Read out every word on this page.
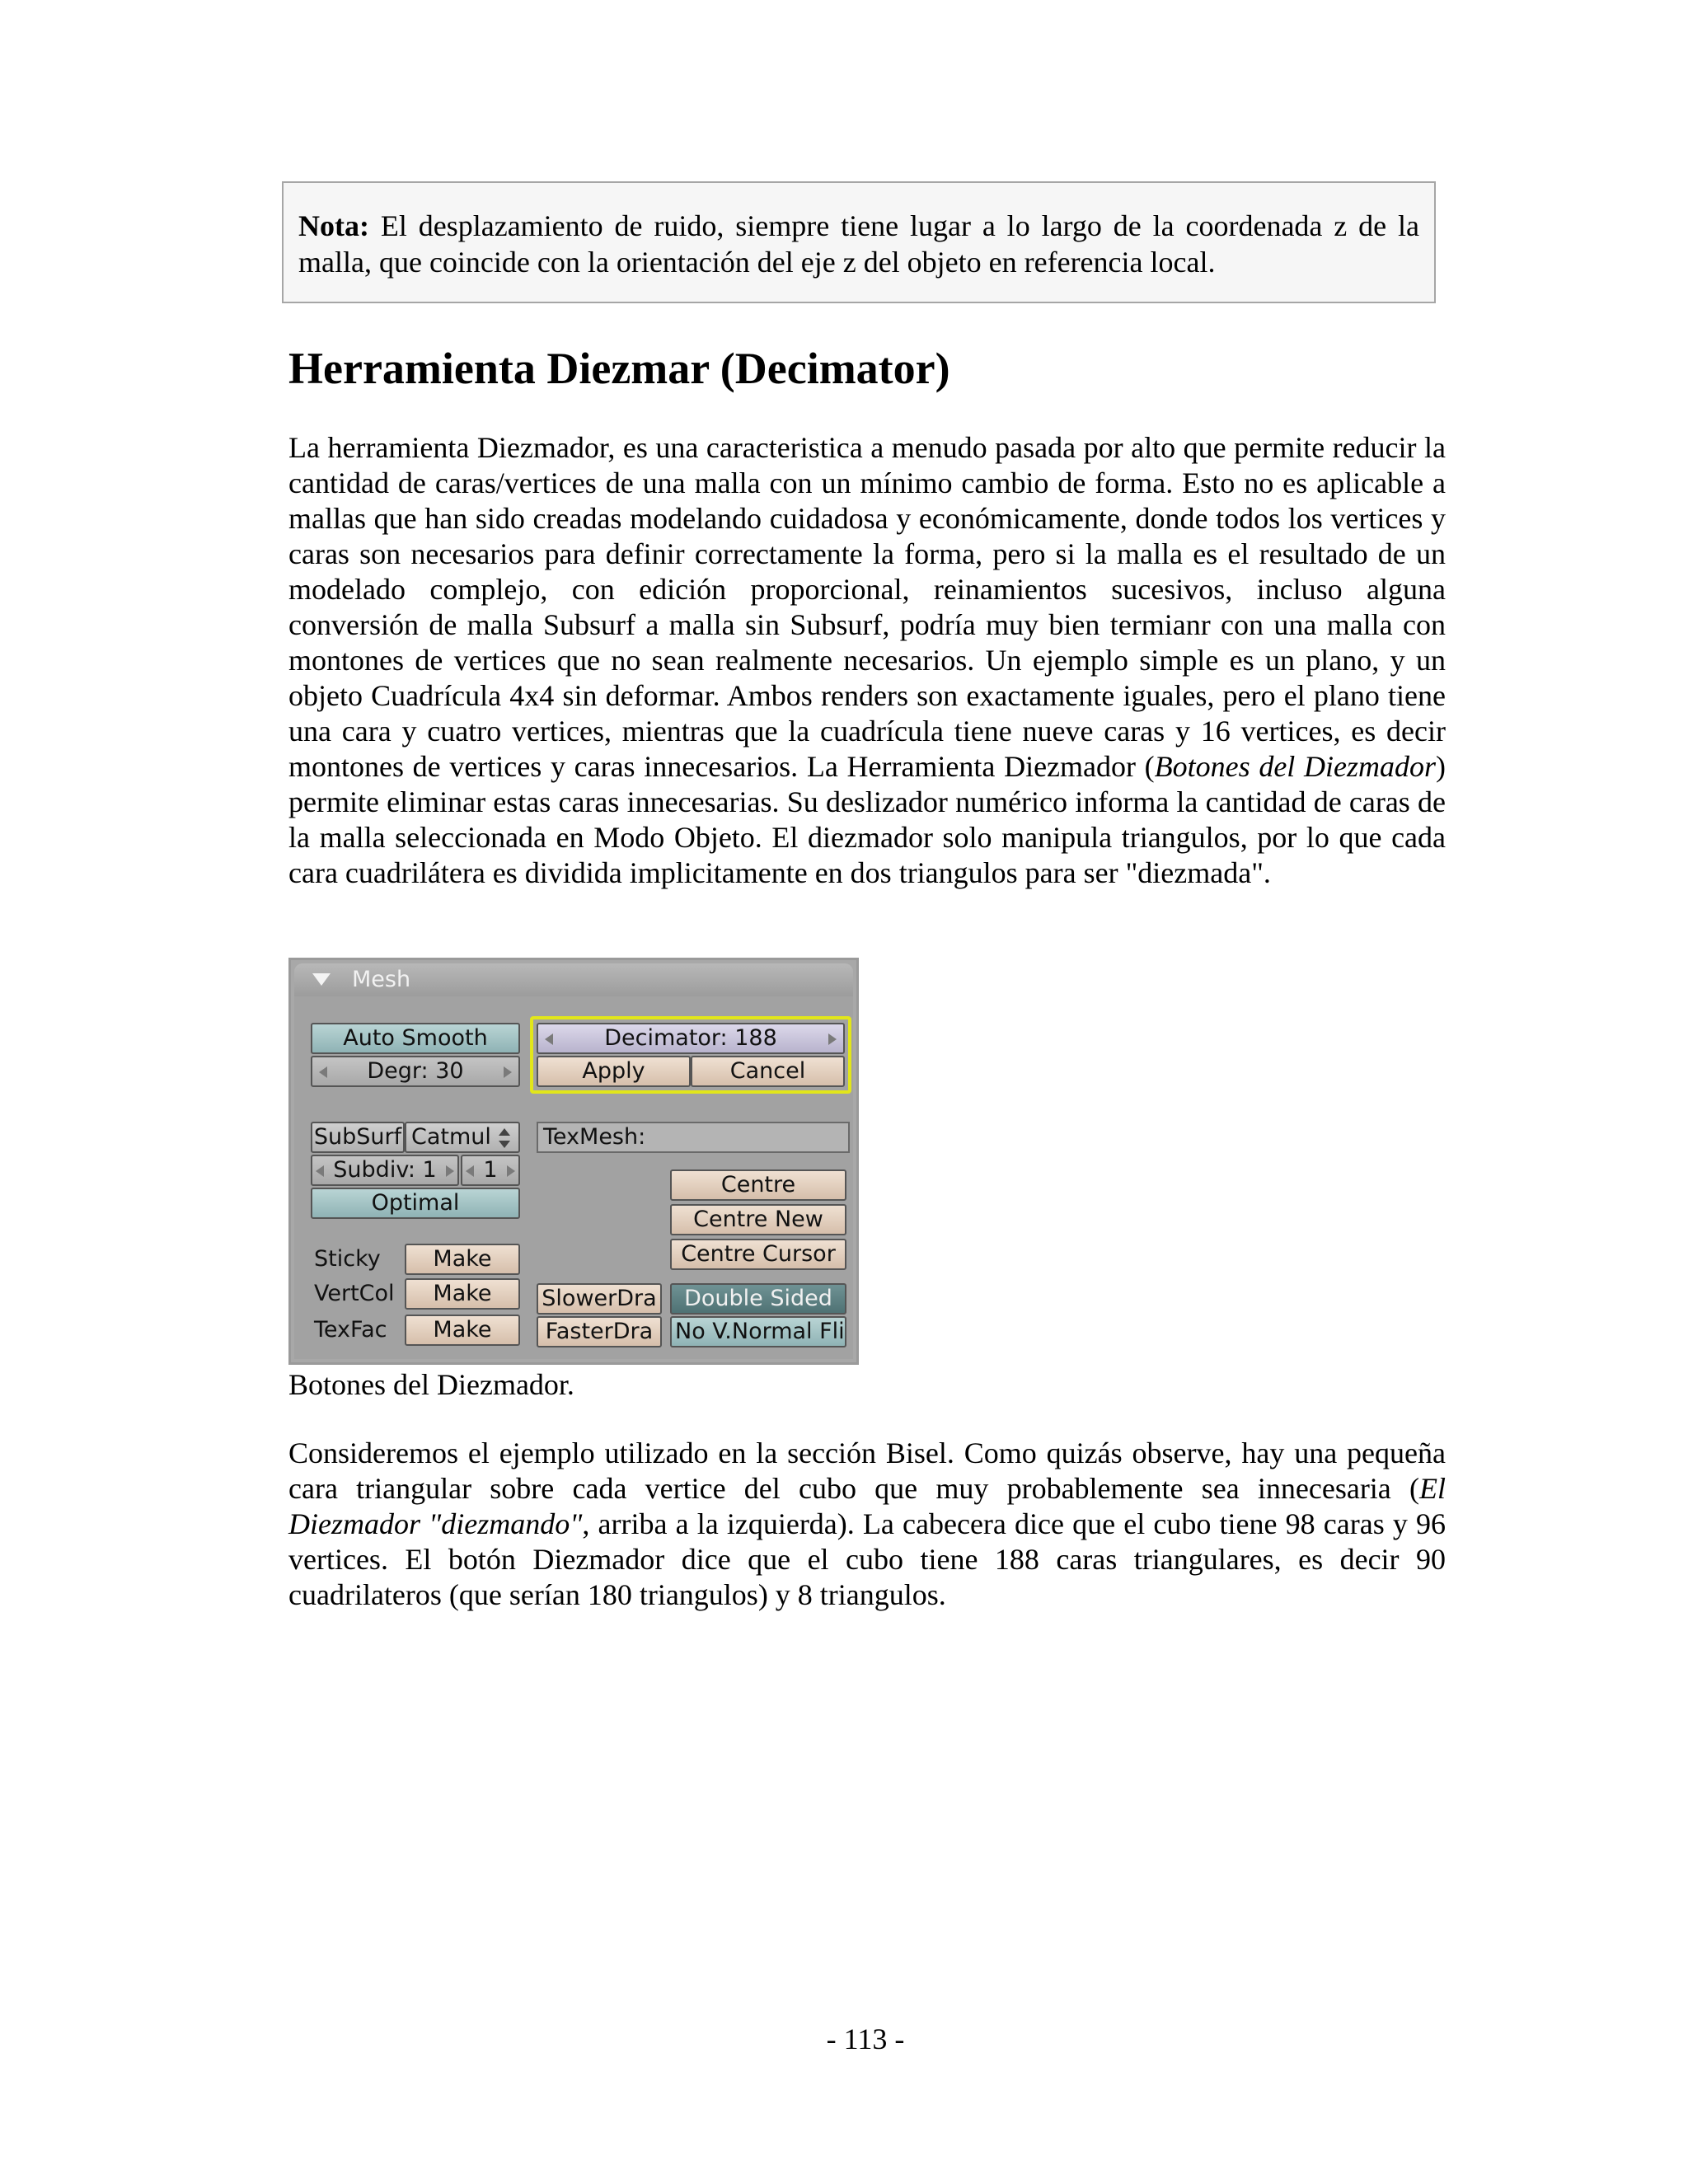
Nota: El desplazamiento de ruido, siempre tiene lugar a lo largo de la coordenada z de la malla, que coincide con la orientación del eje z del objeto en referencia local.
Herramienta Diezmar (Decimator)

La herramienta Diezmador, es una caracteristica a menudo pasada por alto que permite reducir la cantidad de caras/vertices de una malla con un mínimo cambio de forma. Esto no es aplicable a mallas que han sido creadas modelando cuidadosa y económicamente, donde todos los vertices y caras son necesarios para definir correctamente la forma, pero si la malla es el resultado de un modelado complejo, con edición proporcional, reinamientos sucesivos, incluso alguna conversión de malla Subsurf a malla sin Subsurf, podría muy bien termianr con una malla con montones de vertices que no sean realmente necesarios. Un ejemplo simple es un plano, y un objeto Cuadrícula 4x4 sin deformar. Ambos renders son exactamente iguales, pero el plano tiene una cara y cuatro vertices, mientras que la cuadrícula tiene nueve caras y 16 vertices, es decir montones de vertices y caras innecesarios. La Herramienta Diezmador (Botones del Diezmador) permite eliminar estas caras innecesarias. Su deslizador numérico informa la cantidad de caras de la malla seleccionada en Modo Objeto. El diezmador solo manipula triangulos, por lo que cada cara cuadrilátera es dividida implicitamente en dos triangulos para ser "diezmada".

Mesh
Auto Smooth
Degr: 30
Decimator: 188
Apply	Cancel
SubSurf Catmul
Subdiv: 1	1
Optimal
TexMesh:
Centre
Centre New
Centre Cursor
Sticky	Make
VertCol	Make
TexFac	Make
SlowerDra
FasterDra
Double Sided
No V.Normal Fli
Botones del Diezmador.

Consideremos el ejemplo utilizado en la sección Bisel. Como quizás observe, hay una pequeña cara triangular sobre cada vertice del cubo que muy probablemente sea innecesaria (El Diezmador "diezmando", arriba a la izquierda). La cabecera dice que el cubo tiene 98 caras y 96 vertices. El botón Diezmador dice que el cubo tiene 188 caras triangulares, es decir 90 cuadrilateros (que serían 180 triangulos) y 8 triangulos.

- 113 -
